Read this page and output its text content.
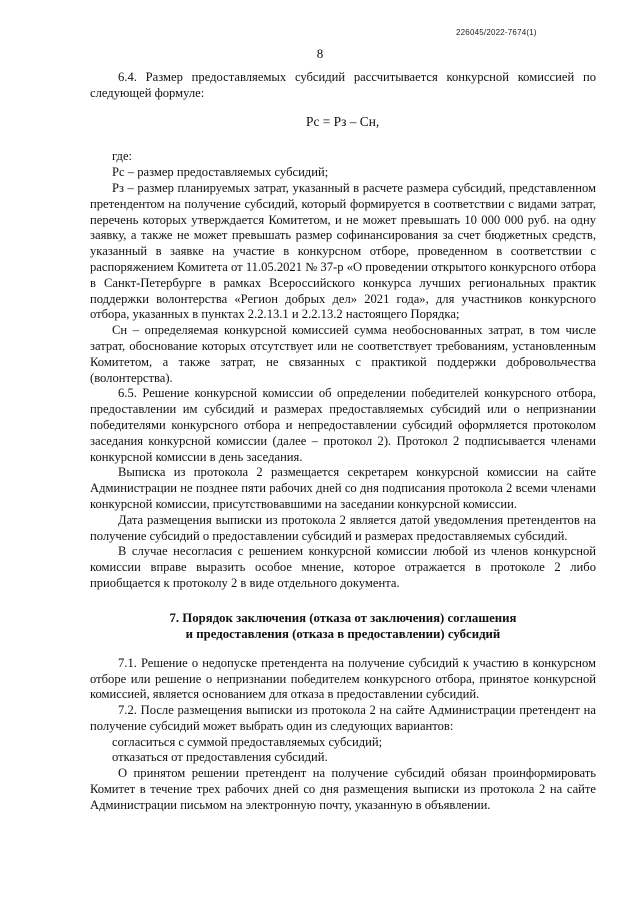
226045/2022-7674(1)
8

6.4. Размер предоставляемых субсидий рассчитывается конкурсной комиссией по следующей формуле:

Рс = Рз – Сн,

где:

Рс – размер предоставляемых субсидий;

Рз – размер планируемых затрат, указанный в расчете размера субсидий, представленном претендентом на получение субсидий, который формируется в соответствии с видами затрат, перечень которых утверждается Комитетом, и не может превышать 10 000 000 руб. на одну заявку, а также не может превышать размер софинансирования за счет бюджетных средств, указанный в заявке на участие в конкурсном отборе, проведенном в соответствии с распоряжением Комитета от 11.05.2021 № 37-р «О проведении открытого конкурсного отбора в Санкт-Петербурге в рамках Всероссийского конкурса лучших региональных практик поддержки волонтерства «Регион добрых дел» 2021 года», для участников конкурсного отбора, указанных в пунктах 2.2.13.1 и 2.2.13.2 настоящего Порядка;

Сн – определяемая конкурсной комиссией сумма необоснованных затрат, в том числе затрат, обоснование которых отсутствует или не соответствует требованиям, установленным Комитетом, а также затрат, не связанных с практикой поддержки добровольчества (волонтерства).

6.5. Решение конкурсной комиссии об определении победителей конкурсного отбора, предоставлении им субсидий и размерах предоставляемых субсидий или о непризнании победителями конкурсного отбора и непредоставлении субсидий оформляется протоколом заседания конкурсной комиссии (далее – протокол 2). Протокол 2 подписывается членами конкурсной комиссии в день заседания.

Выписка из протокола 2 размещается секретарем конкурсной комиссии на сайте Администрации не позднее пяти рабочих дней со дня подписания протокола 2 всеми членами конкурсной комиссии, присутствовавшими на заседании конкурсной комиссии.

Дата размещения выписки из протокола 2 является датой уведомления претендентов на получение субсидий о предоставлении субсидий и размерах предоставляемых субсидий.

В случае несогласия с решением конкурсной комиссии любой из членов конкурсной комиссии вправе выразить особое мнение, которое отражается в протоколе 2 либо приобщается к протоколу 2 в виде отдельного документа.

7. Порядок заключения (отказа от заключения) соглашения
и предоставления (отказа в предоставлении) субсидий

7.1. Решение о недопуске претендента на получение субсидий к участию в конкурсном отборе или решение о непризнании победителем конкурсного отбора, принятое конкурсной комиссией, является основанием для отказа в предоставлении субсидий.

7.2. После размещения выписки из протокола 2 на сайте Администрации претендент на получение субсидий может выбрать один из следующих вариантов:

согласиться с суммой предоставляемых субсидий;

отказаться от предоставления субсидий.

О принятом решении претендент на получение субсидий обязан проинформировать Комитет в течение трех рабочих дней со дня размещения выписки из протокола 2 на сайте Администрации письмом на электронную почту, указанную в объявлении.
